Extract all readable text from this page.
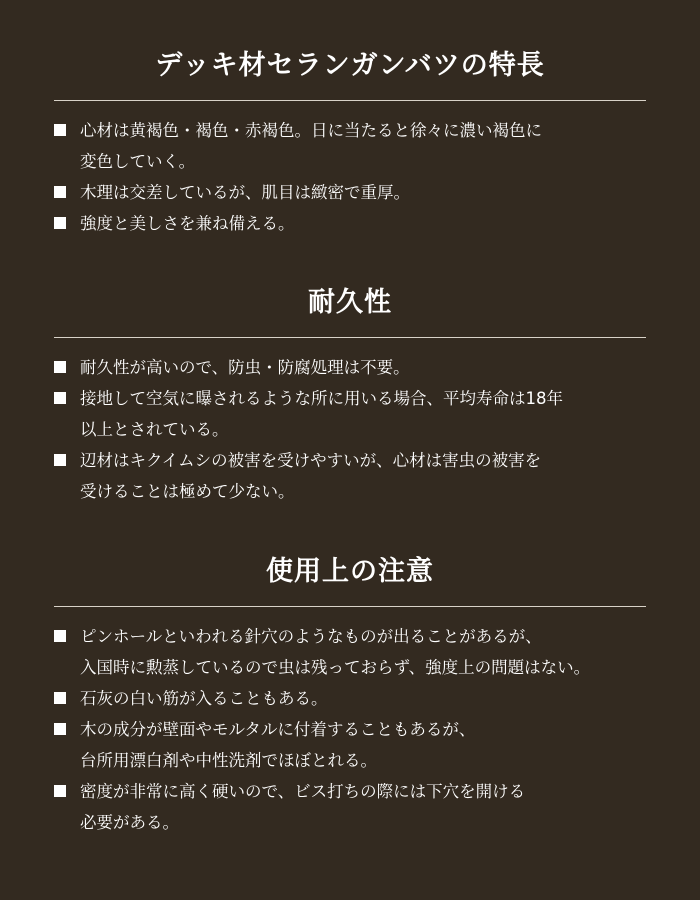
デッキ材セランガンバツの特長
心材は黄褐色・褐色・赤褐色。日に当たると徐々に濃い褐色に
変色していく。
木理は交差しているが、肌目は緻密で重厚。
強度と美しさを兼ね備える。
耐久性
耐久性が高いので、防虫・防腐処理は不要。
接地して空気に曝されるような所に用いる場合、平均寿命は18年
以上とされている。
辺材はキクイムシの被害を受けやすいが、心材は害虫の被害を
受けることは極めて少ない。
使用上の注意
ピンホールといわれる針穴のようなものが出ることがあるが、
入国時に勲蒸しているので虫は残っておらず、強度上の問題はない。
石灰の白い筋が入ることもある。
木の成分が壁面やモルタルに付着することもあるが、
台所用漂白剤や中性洗剤でほぼとれる。
密度が非常に高く硬いので、ビス打ちの際には下穴を開ける
必要がある。
